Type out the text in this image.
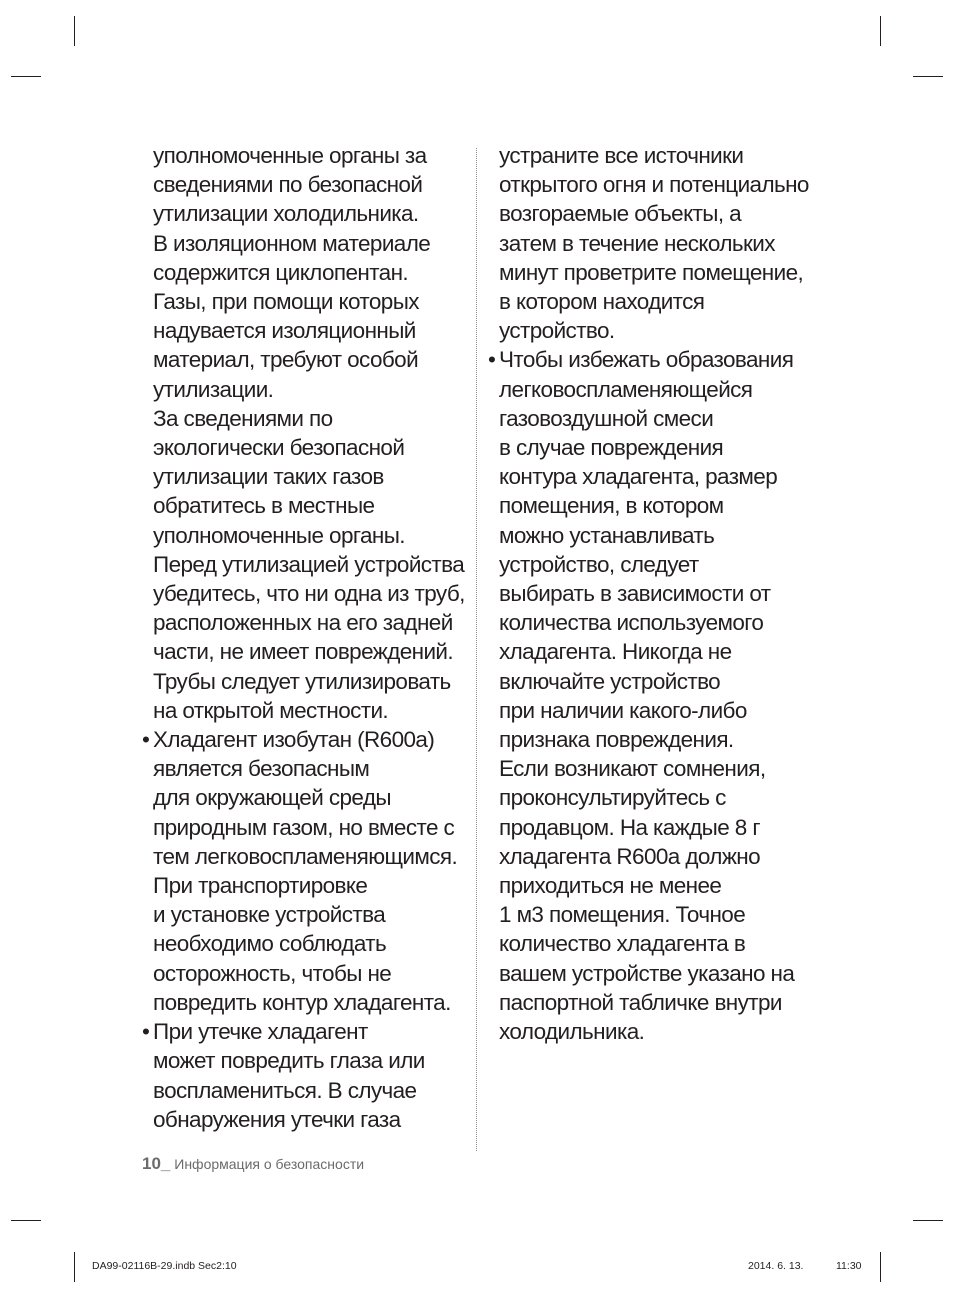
уполномоченные органы за
сведениями по безопасной
утилизации холодильника.
В изоляционном материале
содержится циклопентан.
Газы, при помощи которых
надувается изоляционный
материал, требуют особой
утилизации.
За сведениями по
экологически безопасной
утилизации таких газов
обратитесь в местные
уполномоченные органы.
Перед утилизацией устройства
убедитесь, что ни одна из труб,
расположенных на его задней
части, не имеет повреждений.
Трубы следует утилизировать
на открытой местности.
• Хладагент изобутан (R600a)
является безопасным
для окружающей среды
природным газом, но вместе с
тем легковоспламеняющимся.
При транспортировке
и установке устройства
необходимо соблюдать
осторожность, чтобы не
повредить контур хладагента.
• При утечке хладагент
может повредить глаза или
воспламениться. В случае
обнаружения утечки газа
устраните все источники
открытого огня и потенциально
возгораемые объекты, а
затем в течение нескольких
минут проветрите помещение,
в котором находится
устройство.
• Чтобы избежать образования
легковоспламеняющейся
газовоздушной смеси
в случае повреждения
контура хладагента, размер
помещения, в котором
можно устанавливать
устройство, следует
выбирать в зависимости от
количества используемого
хладагента. Никогда не
включайте устройство
при наличии какого-либо
признака повреждения.
Если возникают сомнения,
проконсультируйтесь с
продавцом. На каждые 8 г
хладагента R600a должно
приходиться не менее
1 м3 помещения. Точное
количество хладагента в
вашем устройстве указано на
паспортной табличке внутри
холодильника.
10_ Информация о безопасности
DA99-02116B-29.indb Sec2:10	2014. 6. 13.	11:30
